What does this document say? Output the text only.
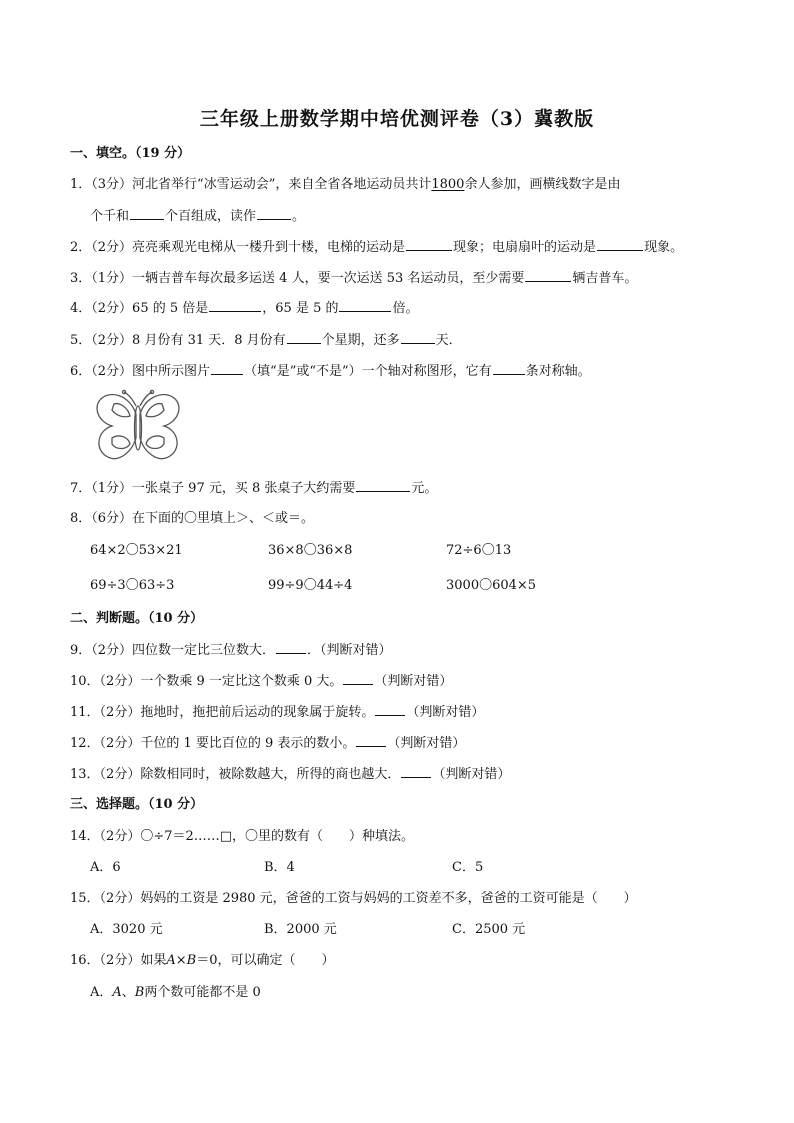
三年级上册数学期中培优测评卷（3）冀教版
一、填空。（19 分）
1．（3分）河北省举行“冰雪运动会”，来自全省各地运动员共计1800余人参加，画横线数字是由
个千和	个百组成，读作	。
2．（2分）亮亮乘观光电梯从一楼升到十楼，电梯的运动是	现象；电扇扇叶的运动是	现象。
3．（1分）一辆吉普车每次最多运送 4 人，要一次运送 53 名运动员，至少需要	辆吉普车。
4．（2分）65 的 5 倍是	，65 是 5 的	倍。
5．（2分）8 月份有 31 天．8 月份有	个星期，还多	天．
6．（2分）图中所示图片	（填“是”或“不是”）一个轴对称图形，它有	条对称轴。
7．（1分）一张桌子 97 元，买 8 张桌子大约需要	元。
8．（6分）在下面的〇里填上＞、＜或＝。
64×2〇53×21	36×8〇36×8	72÷6〇13
69÷3〇63÷3	99÷9〇44÷4	3000〇604×5
二、判断题。（10 分）
9．（2分）四位数一定比三位数大． ．（判断对错）
10．（2分）一个数乘 9 一定比这个数乘 0 大。 （判断对错）
11．（2分）拖地时，拖把前后运动的现象属于旋转。 （判断对错）
12．（2分）千位的 1 要比百位的 9 表示的数小。 （判断对错）
13．（2分）除数相同时，被除数越大，所得的商也越大． （判断对错）
三、选择题。（10 分）
14．（2分）〇÷7＝2……□，〇里的数有（　　）种填法。
A．6	B．4	C．5
15．（2分）妈妈的工资是 2980 元，爸爸的工资与妈妈的工资差不多，爸爸的工资可能是（　　）
A．3020 元	B．2000 元	C．2500 元
16．（2分）如果A×B＝0，可以确定（　　）
A．A、B两个数可能都不是 0
